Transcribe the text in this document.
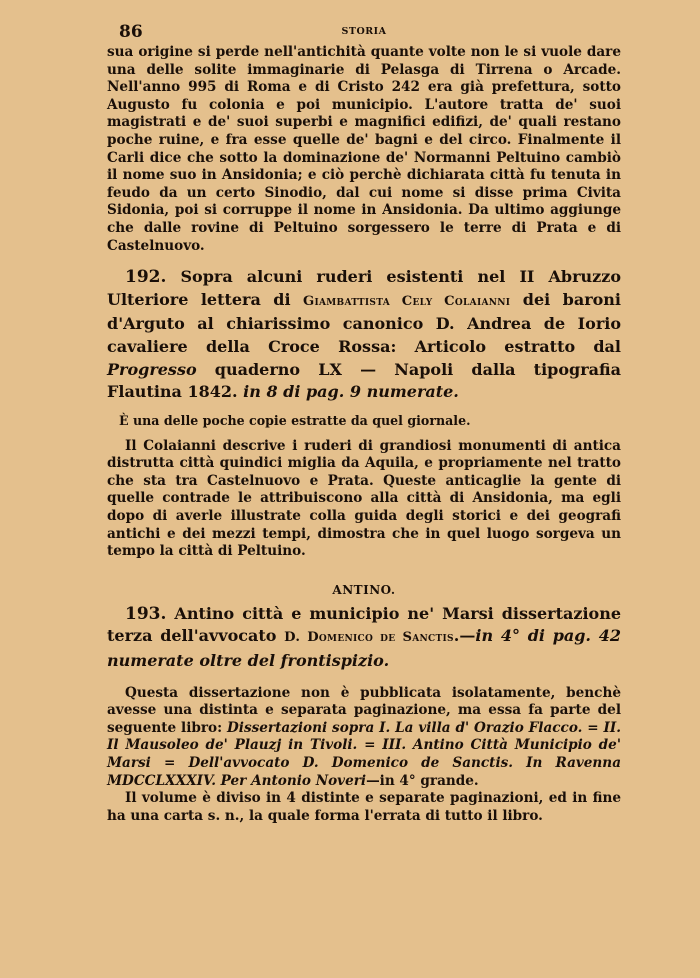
86	STORIA

sua origine si perde nell'antichità quante volte non le si vuole dare una delle solite immaginarie di Pelasga di Tirrena o Arcade. Nell'anno 995 di Roma e di Cristo 242 era già prefettura, sotto Augusto fu colonia e poi municipio. L'autore tratta de' suoi magistrati e de' suoi superbi e magnifici edifizi, de' quali restano poche ruine, e fra esse quelle de' bagni e del circo. Finalmente il Carli dice che sotto la dominazione de' Normanni Peltuino cambiò il nome suo in Ansidonia; e ciò perchè dichiarata città fu tenuta in feudo da un certo Sinodio, dal cui nome si disse prima Civita Sidonia, poi si corruppe il nome in Ansidonia. Da ultimo aggiunge che dalle rovine di Peltuino sorgessero le terre di Prata e di Castelnuovo.

192. Sopra alcuni ruderi esistenti nel II Abruzzo Ulteriore lettera di Giambattista Cely Colaianni dei baroni d'Arguto al chiarissimo canonico D. Andrea de Iorio cavaliere della Croce Rossa: Articolo estratto dal Progresso quaderno LX — Napoli dalla tipografia Flautina 1842. in 8 di pag. 9 numerate.

È una delle poche copie estratte da quel giornale.

Il Colaianni descrive i ruderi di grandiosi monumenti di antica distrutta città quindici miglia da Aquila, e propriamente nel tratto che sta tra Castelnuovo e Prata. Queste anticaglie la gente di quelle contrade le attribuiscono alla città di Ansidonia, ma egli dopo di averle illustrate colla guida degli storici e dei geografi antichi e dei mezzi tempi, dimostra che in quel luogo sorgeva un tempo la città di Peltuino.

ANTINO.

193. Antino città e municipio ne' Marsi dissertazione terza dell'avvocato D. Domenico de Sanctis.—in 4° di pag. 42 numerate oltre del frontispizio.

Questa dissertazione non è pubblicata isolatamente, benchè avesse una distinta e separata paginazione, ma essa fa parte del seguente libro: Dissertazioni sopra I. La villa d' Orazio Flacco. = II. Il Mausoleo de' Plauzj in Tivoli. = III. Antino Città Municipio de' Marsi = Dell'avvocato D. Domenico de Sanctis. In Ravenna MDCCLXXXIV. Per Antonio Noveri—in 4° grande.

Il volume è diviso in 4 distinte e separate paginazioni, ed in fine ha una carta s. n., la quale forma l'errata di tutto il libro.
